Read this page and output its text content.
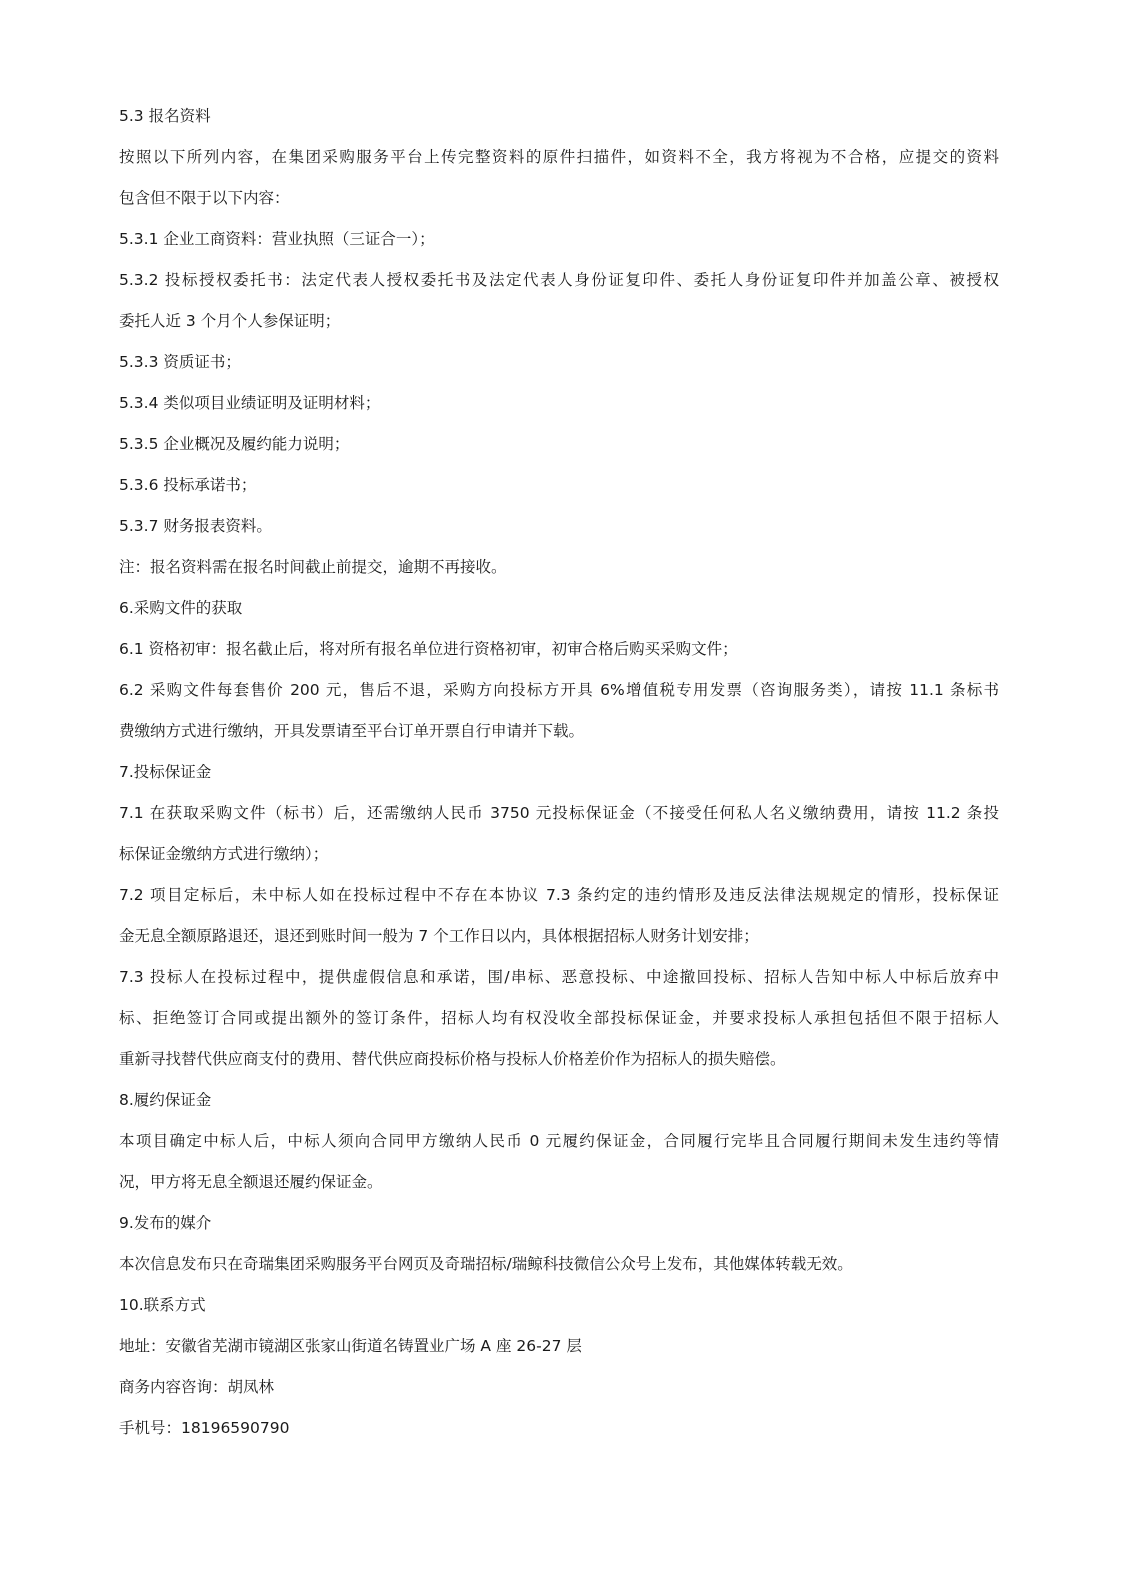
5.3 报名资料
按照以下所列内容，在集团采购服务平台上传完整资料的原件扫描件，如资料不全，我方将视为不合格，应提交的资料
包含但不限于以下内容：
5.3.1 企业工商资料：营业执照（三证合一）；
5.3.2 投标授权委托书：法定代表人授权委托书及法定代表人身份证复印件、委托人身份证复印件并加盖公章、被授权
委托人近 3 个月个人参保证明；
5.3.3 资质证书；
5.3.4 类似项目业绩证明及证明材料；
5.3.5 企业概况及履约能力说明；
5.3.6 投标承诺书；
5.3.7 财务报表资料。
注：报名资料需在报名时间截止前提交，逾期不再接收。
6.采购文件的获取
6.1 资格初审：报名截止后，将对所有报名单位进行资格初审，初审合格后购买采购文件；
6.2 采购文件每套售价 200 元，售后不退，采购方向投标方开具 6%增值税专用发票（咨询服务类），请按 11.1 条标书
费缴纳方式进行缴纳，开具发票请至平台订单开票自行申请并下载。
7.投标保证金
7.1 在获取采购文件（标书）后，还需缴纳人民币 3750 元投标保证金（不接受任何私人名义缴纳费用，请按 11.2 条投
标保证金缴纳方式进行缴纳）；
7.2 项目定标后，未中标人如在投标过程中不存在本协议 7.3 条约定的违约情形及违反法律法规规定的情形，投标保证
金无息全额原路退还，退还到账时间一般为 7 个工作日以内，具体根据招标人财务计划安排；
7.3 投标人在投标过程中，提供虚假信息和承诺，围/串标、恶意投标、中途撤回投标、招标人告知中标人中标后放弃中
标、拒绝签订合同或提出额外的签订条件，招标人均有权没收全部投标保证金，并要求投标人承担包括但不限于招标人
重新寻找替代供应商支付的费用、替代供应商投标价格与投标人价格差价作为招标人的损失赔偿。
8.履约保证金
本项目确定中标人后，中标人须向合同甲方缴纳人民币 0 元履约保证金，合同履行完毕且合同履行期间未发生违约等情
况，甲方将无息全额退还履约保证金。
9.发布的媒介
本次信息发布只在奇瑞集团采购服务平台网页及奇瑞招标/瑞鲸科技微信公众号上发布，其他媒体转载无效。
10.联系方式
地址：安徽省芜湖市镜湖区张家山街道名铸置业广场 A 座 26-27 层
商务内容咨询：胡凤林
手机号：18196590790
